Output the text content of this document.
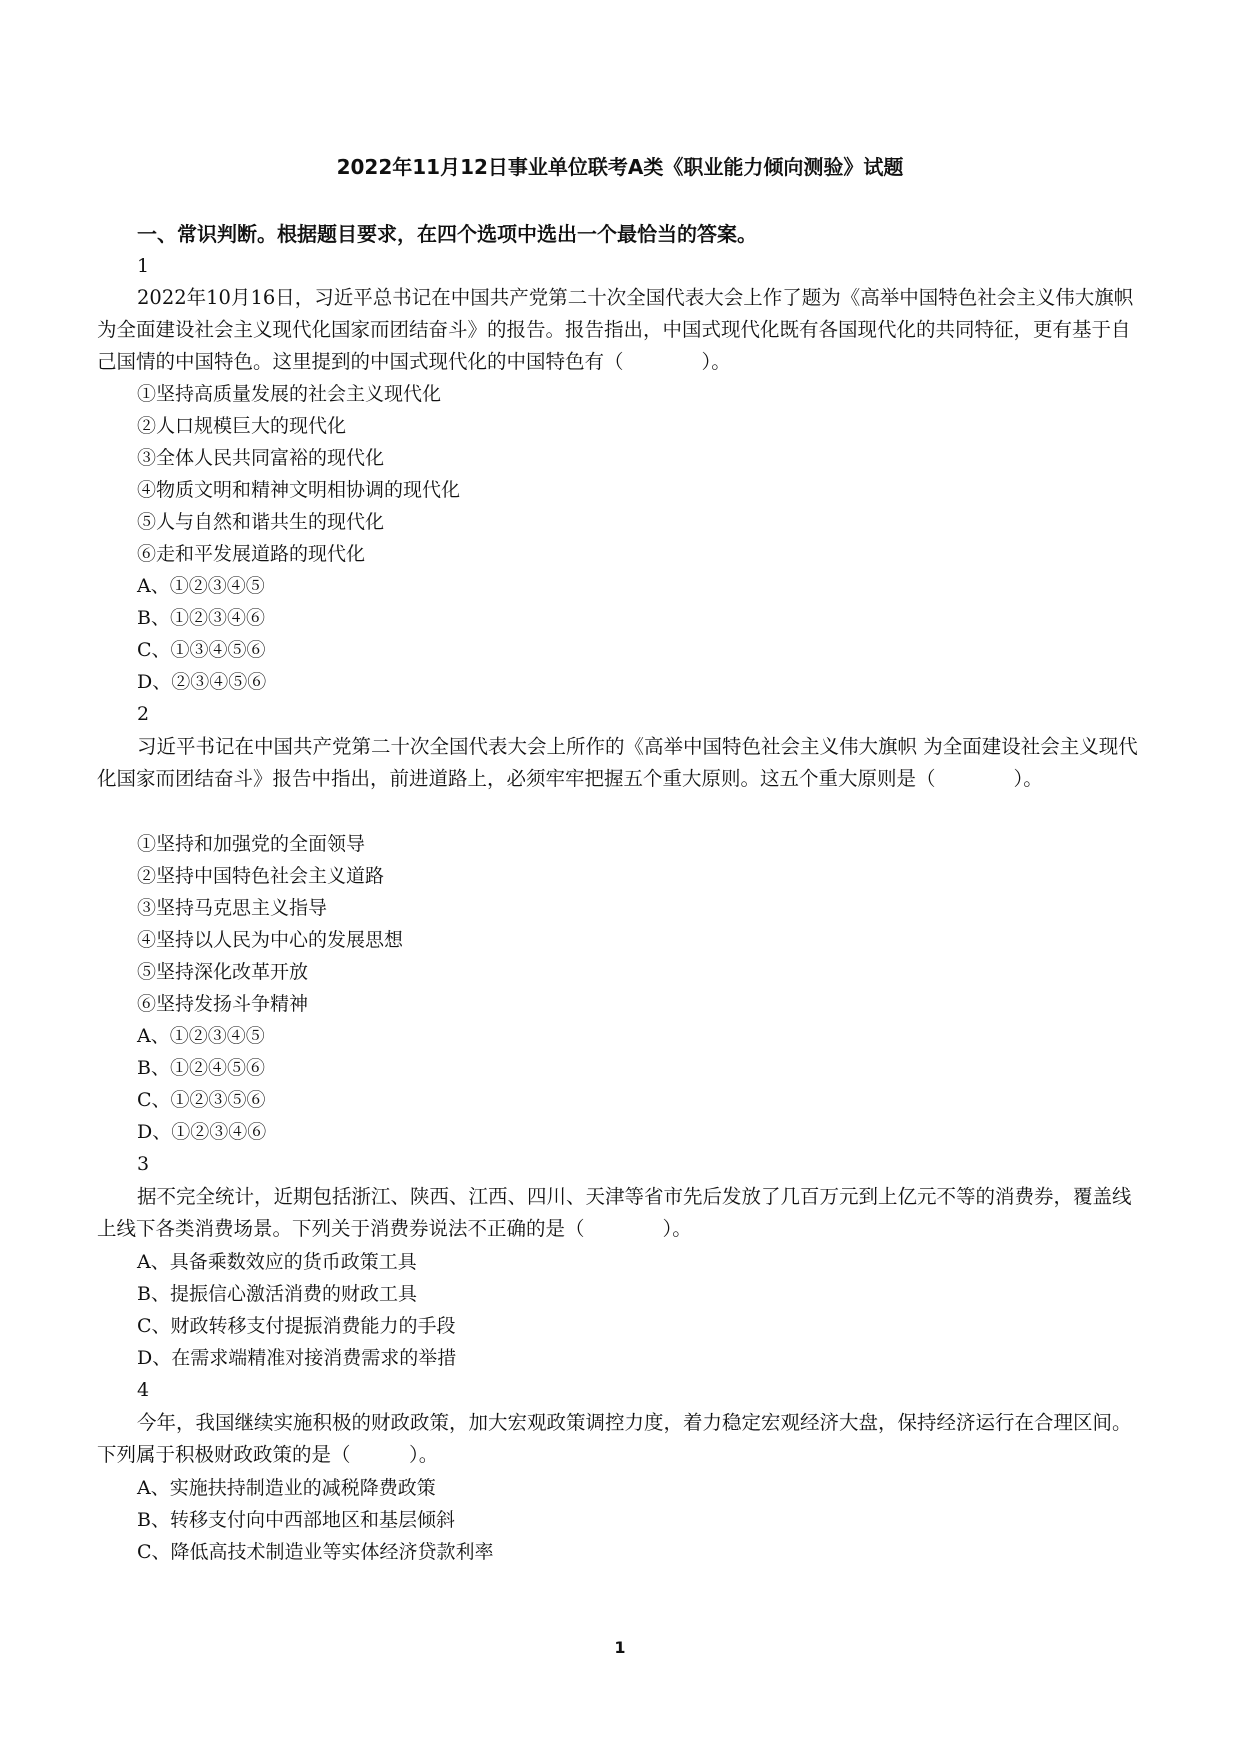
2022年11月12日事业单位联考A类《职业能力倾向测验》试题
一、常识判断。根据题目要求，在四个选项中选出一个最恰当的答案。
1
2022年10月16日，习近平总书记在中国共产党第二十次全国代表大会上作了题为《高举中国特色社会主义伟大旗帜　为全面建设社会主义现代化国家而团结奋斗》的报告。报告指出，中国式现代化既有各国现代化的共同特征，更有基于自己国情的中国特色。这里提到的中国式现代化的中国特色有（　　　　）。
①坚持高质量发展的社会主义现代化
②人口规模巨大的现代化
③全体人民共同富裕的现代化
④物质文明和精神文明相协调的现代化
⑤人与自然和谐共生的现代化
⑥走和平发展道路的现代化
A、①②③④⑤
B、①②③④⑥
C、①③④⑤⑥
D、②③④⑤⑥
2
习近平书记在中国共产党第二十次全国代表大会上所作的《高举中国特色社会主义伟大旗帜 为全面建设社会主义现代化国家而团结奋斗》报告中指出，前进道路上，必须牢牢把握五个重大原则。这五个重大原则是（　　　　）。
①坚持和加强党的全面领导
②坚持中国特色社会主义道路
③坚持马克思主义指导
④坚持以人民为中心的发展思想
⑤坚持深化改革开放
⑥坚持发扬斗争精神
A、①②③④⑤
B、①②④⑤⑥
C、①②③⑤⑥
D、①②③④⑥
3
据不完全统计，近期包括浙江、陕西、江西、四川、天津等省市先后发放了几百万元到上亿元不等的消费券，覆盖线上线下各类消费场景。下列关于消费券说法不正确的是（　　　　）。
A、具备乘数效应的货币政策工具
B、提振信心激活消费的财政工具
C、财政转移支付提振消费能力的手段
D、在需求端精准对接消费需求的举措
4
今年，我国继续实施积极的财政政策，加大宏观政策调控力度，着力稳定宏观经济大盘，保持经济运行在合理区间。下列属于积极财政政策的是（　　　）。
A、实施扶持制造业的减税降费政策
B、转移支付向中西部地区和基层倾斜
C、降低高技术制造业等实体经济贷款利率
1
